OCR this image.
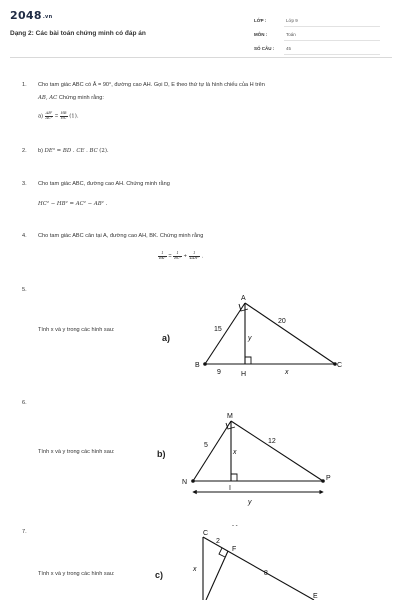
2048.vn
Dạng 2: Các bài toán chứng minh có đáp án
LỚP :	Lớp 9
MÔN :	Toán
SỐ CÂU :	45
1. Cho tam giác ABC có Â = 90°, đường cao AH. Gọi D, E theo thứ tự là hình chiếu của H trên
AB, AC Chứng minh rằng:
$a) \frac{\text{AB²}}{\text{AC²}} = \frac{HB}{HC} (1)$.
2. b) DE³ = BD . CE . BC (2).
3. Cho tam giác ABC, đường cao AH. Chứng minh rằng
HC² − HB² = AC² − AB² .
4. Cho tam giác ABC cân tại A, đường cao AH, BK. Chứng minh rằng
$\frac{1}{\text{BK²}} = \frac{1}{\text{BC²}} + \frac{1}{\text{4AH²}}$ .
5.
Tính x và y trong các hình sau:
a)
A
B	C
H
15
20
9
y
x
b)
M
N
P
I
5
12
x
y
c)
C
F
E
2
8
x
- -
6.
Tính x và y trong các hình sau:
7.
Tính x và y trong các hình sau:
